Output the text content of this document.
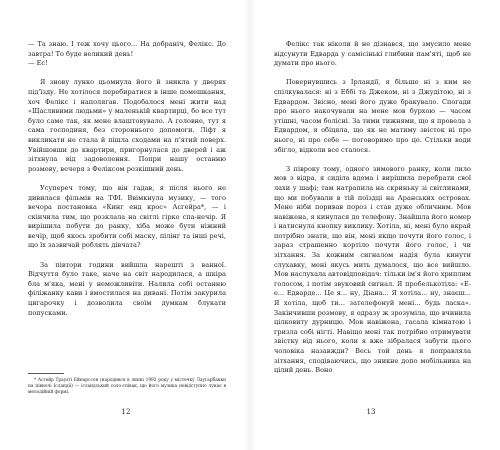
— Та знаю. І теж хочу цього... На добраніч, Фелікс. До завтра! То буде великий день!

— Ес!

Я знову лунко цьомнула його й зникла у дверях під'їзду. Не хотілося перебиратися в інше помешкання, хоч Фелікс і наполягав. Подобалося мені жити над «Щасливими людьми» у маленькій квартирці, бо все тут було саме так, як мене влаштовувало. А головне, тут я сама господиня, без стороннього допомоги. Ліфт я викликати не стала й пішла сходами на п'ятий поверх. Увійшовши до квартири, пригорнулася до дверей і аж зітхнула від задоволення. Попри нашу останню розмову, вечеря з Феліксом розкішний день.

Усупереч тому, що він гадав, я після нього не дивилася фільмів на ТФІ. Ввімкнула музику, — того вечора постановка «Кинг енд крос» Асгейра*, — і скінчила тим, що розклала на світлі гірко спа-нечір. Я вирішила побути до ранку, хіба може бути ніжний вечір, щоб якось зробити собі маску, пілінг та інші речі, що їх зазвичай роблять дівчата?

За півтори години вийшла нарешті з ванної. Відчуття було таке, наче на світ народилася, а шкіра бла м'яка, мені у неможливіти. Налила собі останню філіжанку кави і вмостилася на дивані. Потім закурила цигарочку і дозволила своїм думкам блукати попусками.

* Асгейр Трауsті Ейнарссон (народився в липні 1992 року у містечку Лаугарбакки на півночі Ісландії) — ісландський соло-співак, що його музика невідступно лунає в мелодійній формі.
12

Фелікс так ніколи й не дізнався, що змусило мене відсунути Едварда у самісінькі глибини пам'яті, щоб не думати про нього.

Повернувшись з Ірландії, я більше ні з ким не спілкувалася: ні з Еббі та Джеком, ні з Джудітою, ні з Едвардом. Звісно, мені його дуже бракувало. Спогади про нього накочували на мене мов бурхою — часом утішні, часом болісні. За тими тижнями, що я провела з Едвардом, я обіцяла, що як не матиму звісток ні про нього, ні про себе — поговоримо про це. Стільки води збігло, відколи все сталося.

З півроку тому, одного зимового ранку, коли лило мов з відра, я сиділа вдома і вирішила перебрати свої лахи у шафі; там натрапила на скриньку зі світлинами, що ми побували в тій поїздці на Аранських островах. Мене ніби поривав пороз і став дуже обличним. Мов навіжена, я кинулася до телефону. Знайшла його номер і натиснула кнопку виклику. Хотіла, ні, мені було вкрай потрібно знати, що він, мені якщо почути його голос, і зараз страшенно кортіло почути його голос, і чи зітхання. За кожним сигналом надія була кинути слухавку, мені якусь мить думалося, що все вийшло. Мов наслухала автовідповідач: тільки ім'я його хриплим голосом, і потім звуковий сигнал. Я пробелькотіла: «Е-е... Едварде... Це я... ну, Діана... Я хотіла... ну, знаєш... Я хотіла, щоб ти... зателефонуй мені... будь ласка». Закінчивши розмову, я одразу ж зрозуміла, що вчинила цілковиту дурницю. Мов навіжена, гасала кімнатою і гризла собі нігті. Навіщо мені так потрібно отримувати звістку від нього, коли я вже зібралася забути цього чоловіка назавжди? Весь той день я поправляла зітхання, сподіваючись, що зникне допо мобільника на цілий день. Воно

13
